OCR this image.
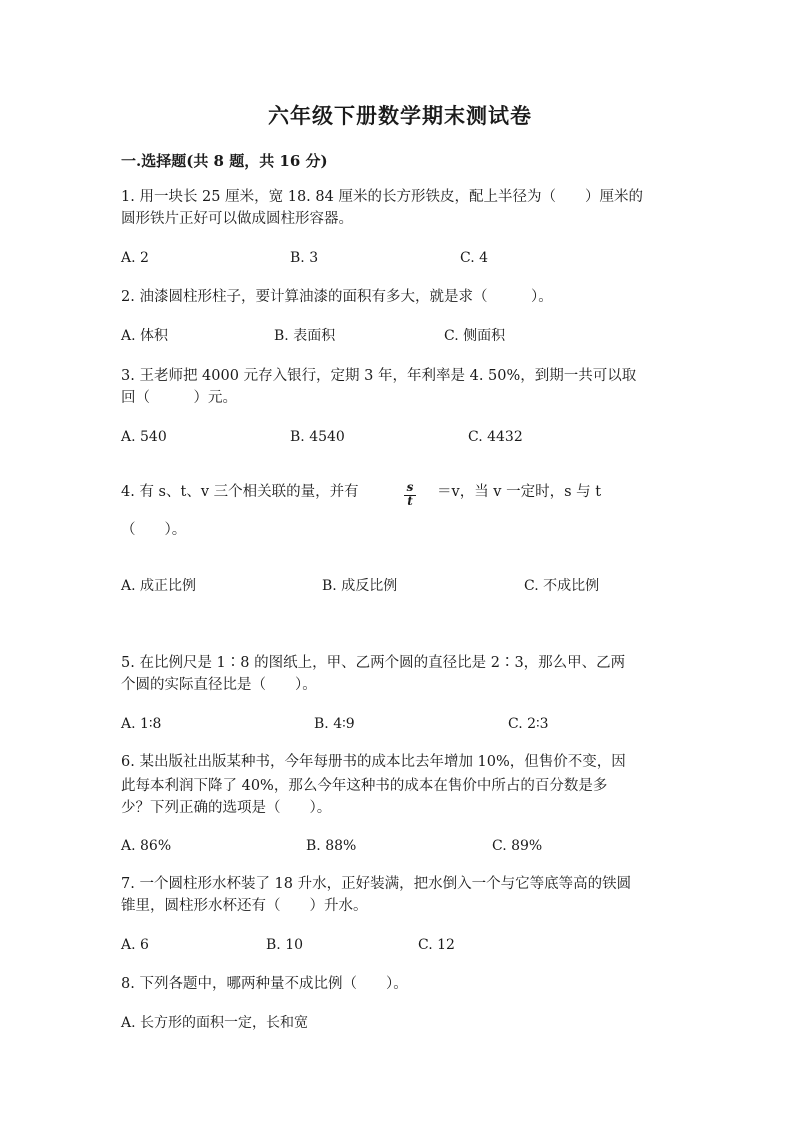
六年级下册数学期末测试卷
一.选择题(共 8 题，共 16 分)
1. 用一块长 25 厘米，宽 18. 84 厘米的长方形铁皮，配上半径为（　　）厘米的
圆形铁片正好可以做成圆柱形容器。
A. 2	B. 3	C. 4
2. 油漆圆柱形柱子，要计算油漆的面积有多大，就是求（　　　）。
A. 体积	B. 表面积	C. 侧面积
3. 王老师把 4000 元存入银行，定期 3 年，年利率是 4. 50%，到期一共可以取
回（　　　）元。
A. 540	B. 4540	C. 4432
4. 有 s、t、v 三个相关联的量，并有	s
t
＝v，当 v 一定时，s 与 t
（　　）。
A. 成正比例	B. 成反比例	C. 不成比例
5. 在比例尺是 1∶8 的图纸上，甲、乙两个圆的直径比是 2∶3，那么甲、乙两
个圆的实际直径比是（　　）。
A. 1∶8	B. 4∶9	C. 2∶3
6. 某出版社出版某种书，今年每册书的成本比去年增加 10%，但售价不变，因
此每本利润下降了 40%，那么今年这种书的成本在售价中所占的百分数是多
少？下列正确的选项是（　　）。
A. 86%	B. 88%	C. 89%
7. 一个圆柱形水杯装了 18 升水，正好装满，把水倒入一个与它等底等高的铁圆
锥里，圆柱形水杯还有（　　）升水。
A. 6	B. 10	C. 12
8. 下列各题中，哪两种量不成比例（　　）。
A. 长方形的面积一定，长和宽
